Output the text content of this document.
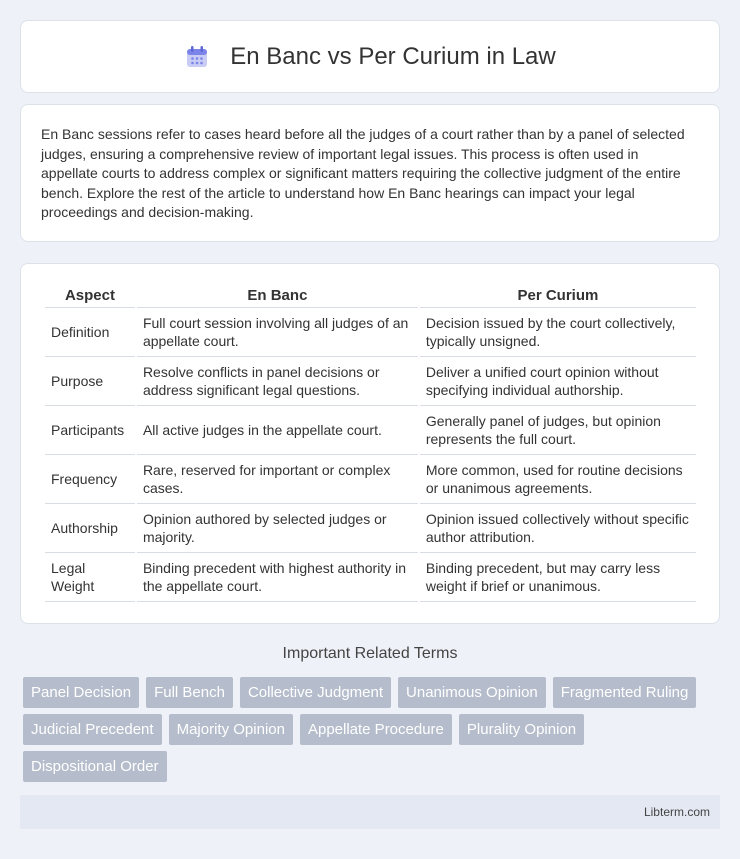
En Banc vs Per Curium in Law

En Banc sessions refer to cases heard before all the judges of a court rather than by a panel of selected judges, ensuring a comprehensive review of important legal issues. This process is often used in appellate courts to address complex or significant matters requiring the collective judgment of the entire bench. Explore the rest of the article to understand how En Banc hearings can impact your legal proceedings and decision-making.

Aspect	En Banc	Per Curium
Definition	Full court session involving all judges of an appellate court.	Decision issued by the court collectively, typically unsigned.
Purpose	Resolve conflicts in panel decisions or address significant legal questions.	Deliver a unified court opinion without specifying individual authorship.
Participants	All active judges in the appellate court.	Generally panel of judges, but opinion represents the full court.
Frequency	Rare, reserved for important or complex cases.	More common, used for routine decisions or unanimous agreements.
Authorship	Opinion authored by selected judges or majority.	Opinion issued collectively without specific author attribution.
Legal Weight	Binding precedent with highest authority in the appellate court.	Binding precedent, but may carry less weight if brief or unanimous.
Important Related Terms
Panel Decision	Full Bench	Collective Judgment	Unanimous Opinion	Fragmented Ruling
Judicial Precedent	Majority Opinion	Appellate Procedure	Plurality Opinion
Dispositional Order
Libterm.com
